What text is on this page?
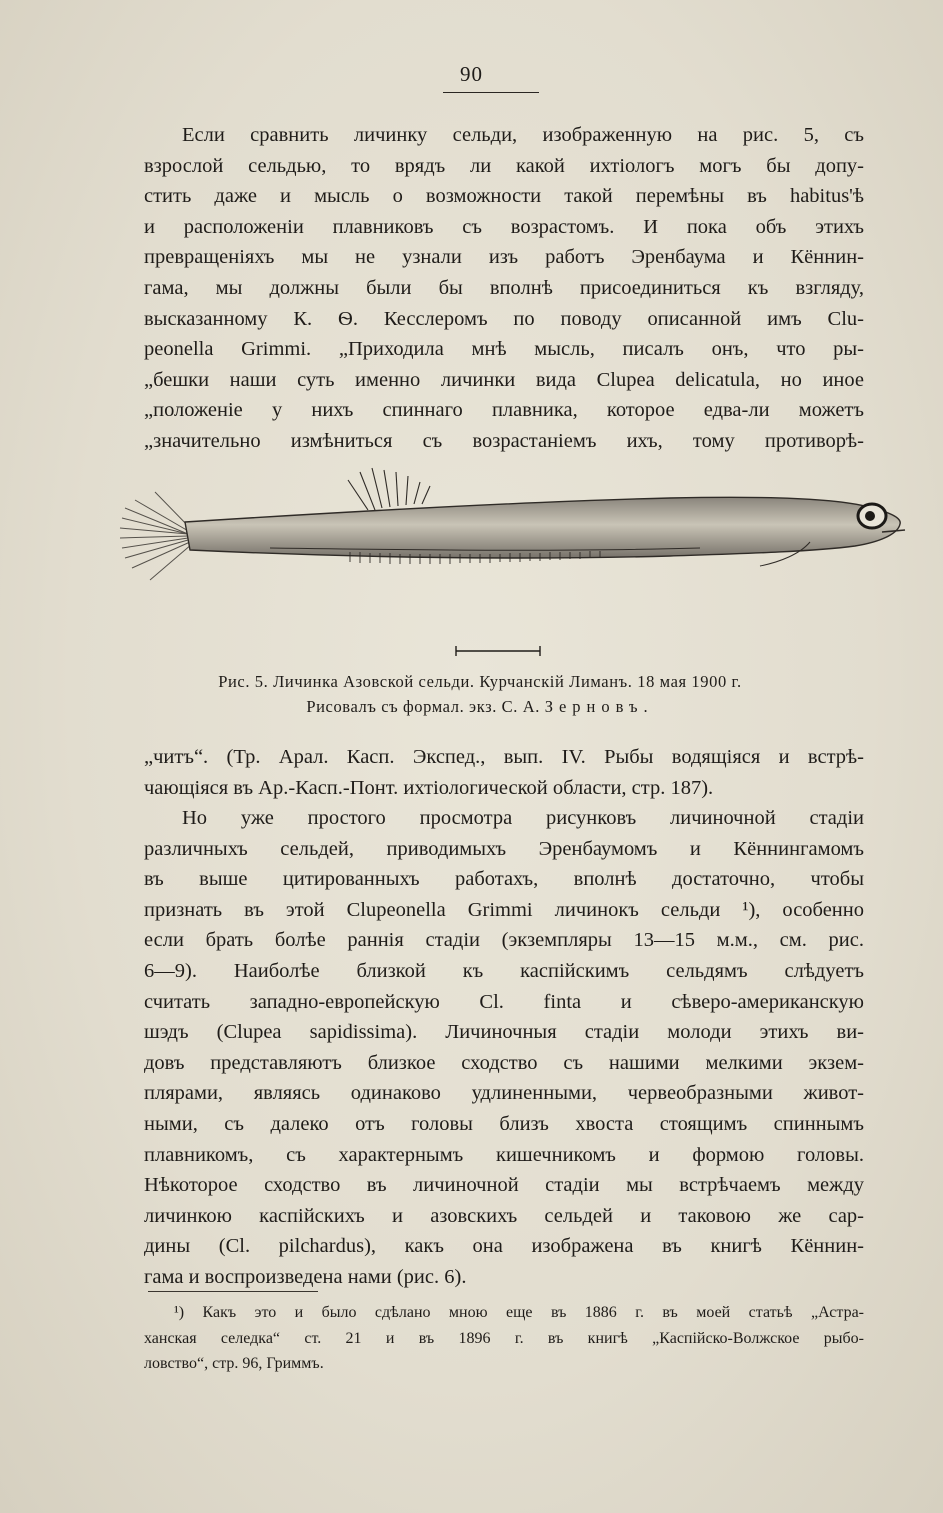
90
Если сравнить личинку сельди, изображенную на рис. 5, съ
взрослой сельдью, то врядъ ли какой ихтіологъ могъ бы допу-
стить даже и мысль о возможности такой перемѣны въ habitus'ѣ
и расположеніи плавниковъ съ возрастомъ. И пока объ этихъ
превращеніяхъ мы не узнали изъ работъ Эренбаума и Кённин-
гама, мы должны были бы вполнѣ присоединиться къ взгляду,
высказанному К. Ѳ. Кесслеромъ по поводу описанной имъ Clu-
peonella Grimmi. „Приходила мнѣ мысль, писалъ онъ, что ры-
„бешки наши суть именно личинки вида Clupea delicatula, но иное
„положеніе у нихъ спиннаго плавника, которое едва-ли можетъ
„значительно измѣниться съ возрастаніемъ ихъ, тому противорѣ-
Рис. 5. Личинка Азовской сельди. Курчанскій Лиманъ. 18 мая 1900 г.
Рисовалъ съ формал. экз. С. А. Зерновъ.
„читъ“. (Тр. Арал. Касп. Экспед., вып. IV. Рыбы водящіяся и встрѣ-
чающіяся въ Ар.-Касп.-Понт. ихтіологической области, стр. 187).
Но уже простого просмотра рисунковъ личиночной стадіи
различныхъ сельдей, приводимыхъ Эренбаумомъ и Кённингамомъ
въ выше цитированныхъ работахъ, вполнѣ достаточно, чтобы
признать въ этой Clupeonella Grimmi личинокъ сельди ¹), особенно
если брать болѣе раннія стадіи (экземпляры 13—15 м.м., см. рис.
6—9). Наиболѣе близкой къ каспійскимъ сельдямъ слѣдуетъ
считать западно-европейскую Cl. finta и сѣверо-американскую
шэдъ (Clupea sapidissima). Личиночныя стадіи молоди этихъ ви-
довъ представляютъ близкое сходство съ нашими мелкими экзем-
плярами, являясь одинаково удлиненными, червеобразными живот-
ными, съ далеко отъ головы близъ хвоста стоящимъ спиннымъ
плавникомъ, съ характернымъ кишечникомъ и формою головы.
Нѣкоторое сходство въ личиночной стадіи мы встрѣчаемъ между
личинкою каспійскихъ и азовскихъ сельдей и таковою же сар-
дины (Cl. pilchardus), какъ она изображена въ книгѣ Кённин-
гама и воспроизведена нами (рис. 6).
¹) Какъ это и было сдѣлано мною еще въ 1886 г. въ моей статьѣ „Астра-
ханская селедка“ ст. 21 и въ 1896 г. въ книгѣ „Каспійско-Волжское рыбо-
ловство“, стр. 96, Гриммъ.
